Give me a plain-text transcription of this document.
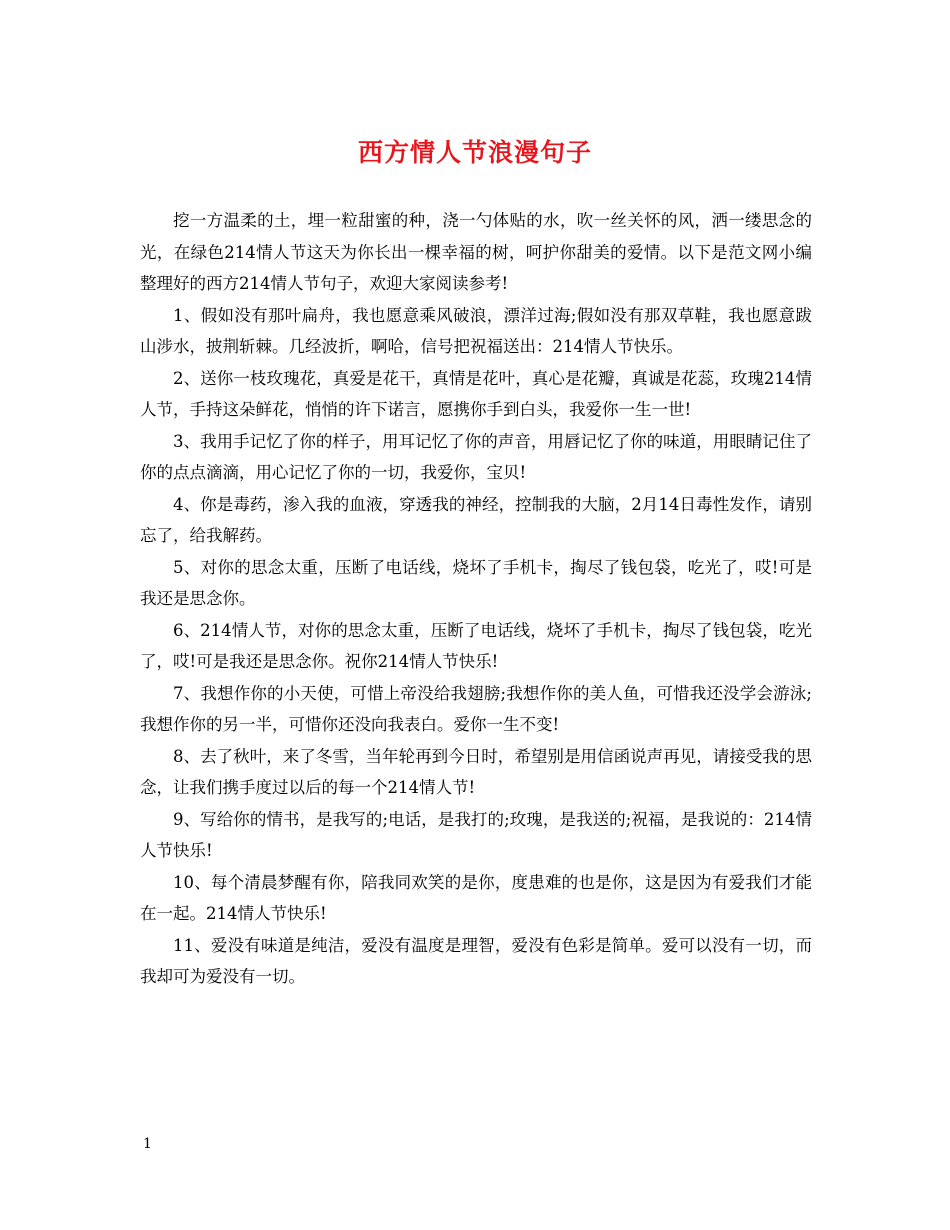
西方情人节浪漫句子

挖一方温柔的土，埋一粒甜蜜的种，浇一勺体贴的水，吹一丝关怀的风，洒一缕思念的光，在绿色214情人节这天为你长出一棵幸福的树，呵护你甜美的爱情。以下是范文网小编整理好的西方214情人节句子，欢迎大家阅读参考!

1、假如没有那叶扁舟，我也愿意乘风破浪，漂洋过海;假如没有那双草鞋，我也愿意跋山涉水，披荆斩棘。几经波折，啊哈，信号把祝福送出：214情人节快乐。

2、送你一枝玫瑰花，真爱是花干，真情是花叶，真心是花瓣，真诚是花蕊，玫瑰214情人节，手持这朵鲜花，悄悄的许下诺言，愿携你手到白头，我爱你一生一世!

3、我用手记忆了你的样子，用耳记忆了你的声音，用唇记忆了你的味道，用眼睛记住了你的点点滴滴，用心记忆了你的一切，我爱你，宝贝!

4、你是毒药，渗入我的血液，穿透我的神经，控制我的大脑，2月14日毒性发作，请别忘了，给我解药。

5、对你的思念太重，压断了电话线，烧坏了手机卡，掏尽了钱包袋，吃光了，哎!可是我还是思念你。

6、214情人节，对你的思念太重，压断了电话线，烧坏了手机卡，掏尽了钱包袋，吃光了，哎!可是我还是思念你。祝你214情人节快乐!

7、我想作你的小天使，可惜上帝没给我翅膀;我想作你的美人鱼，可惜我还没学会游泳;我想作你的另一半，可惜你还没向我表白。爱你一生不变!

8、去了秋叶，来了冬雪，当年轮再到今日时，希望别是用信函说声再见，请接受我的思念，让我们携手度过以后的每一个214情人节!

9、写给你的情书，是我写的;电话，是我打的;玫瑰，是我送的;祝福，是我说的：214情人节快乐!

10、每个清晨梦醒有你，陪我同欢笑的是你，度患难的也是你，这是因为有爱我们才能在一起。214情人节快乐!

11、爱没有味道是纯洁，爱没有温度是理智，爱没有色彩是简单。爱可以没有一切，而我却可为爱没有一切。

1
